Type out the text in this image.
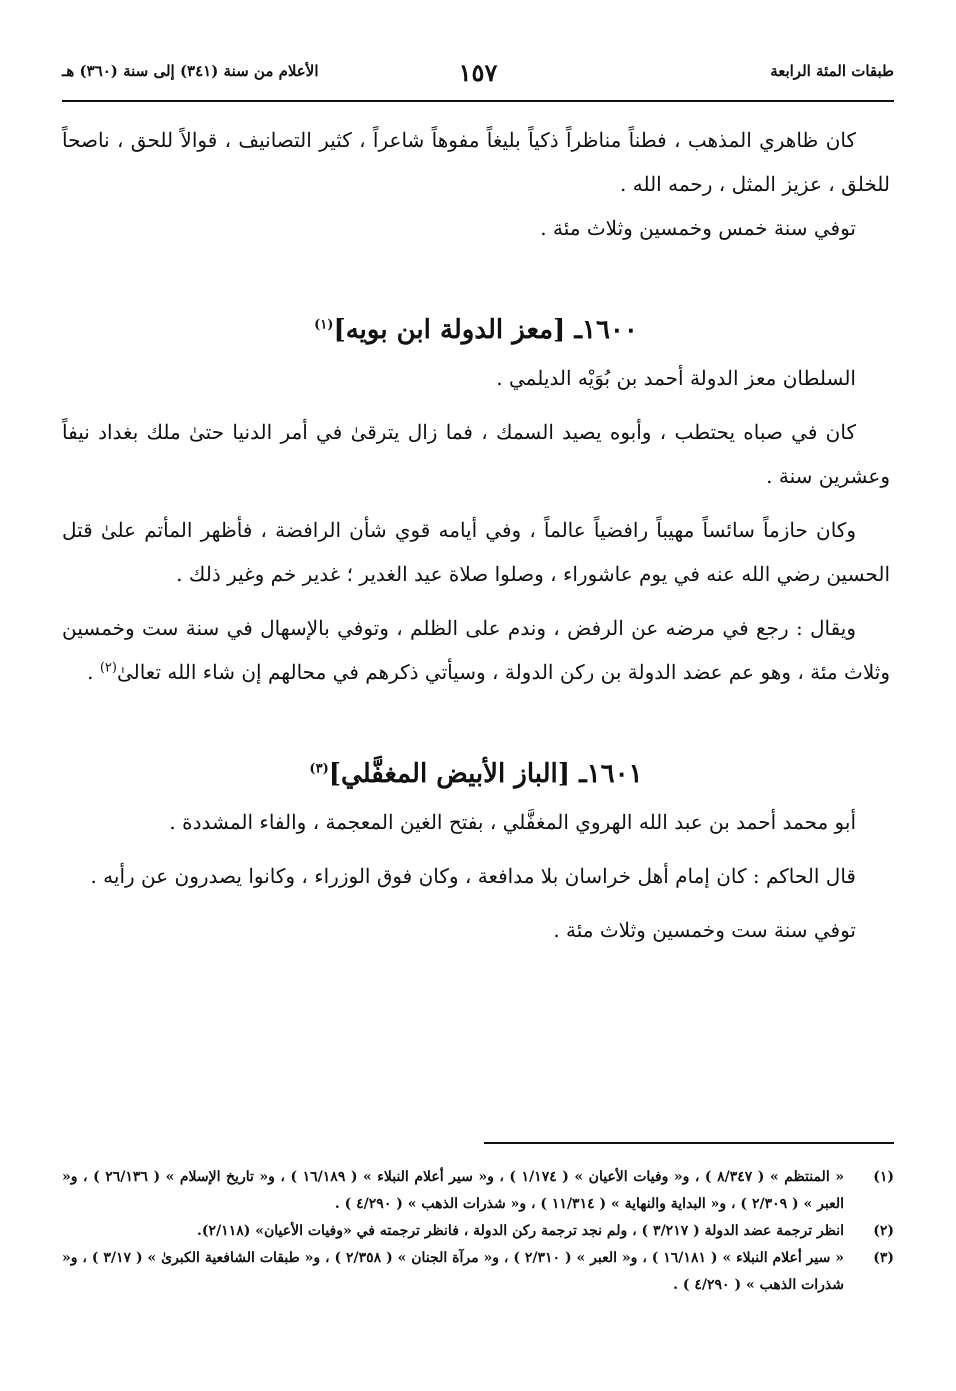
طبقات المئة الرابعة
١٥٧
الأعلام من سنة (٣٤١) إلى سنة (٣٦٠) هـ

كان ظاهري المذهب ، فطناً مناظراً ذكياً بليغاً مفوهاً شاعراً ، كثير التصانيف ، قوالاً للحق ، ناصحاً للخلق ، عزيز المثل ، رحمه الله .

توفي سنة خمس وخمسين وثلاث مئة .

١٦٠٠ـ [معز الدولة ابن بويه]$^{(١)}$

السلطان معز الدولة أحمد بن بُوَيْه الديلمي .

كان في صباه يحتطب ، وأبوه يصيد السمك ، فما زال يترقىٰ في أمر الدنيا حتىٰ ملك بغداد نيفاً وعشرين سنة .

وكان حازماً سائساً مهيباً رافضياً عالماً ، وفي أيامه قوي شأن الرافضة ، فأظهر المأتم علىٰ قتل الحسين رضي الله عنه في يوم عاشوراء ، وصلوا صلاة عيد الغدير ؛ غدير خم وغير ذلك .

ويقال : رجع في مرضه عن الرفض ، وندم على الظلم ، وتوفي بالإسهال في سنة ست وخمسين وثلاث مئة ، وهو عم عضد الدولة بن ركن الدولة ، وسيأتي ذكرهم في محالهم إن شاء الله تعالىٰ$^{(٢)}$ .

١٦٠١ـ [الباز الأبيض المغفَّلي]$^{(٣)}$

أبو محمد أحمد بن عبد الله الهروي المغفَّلي ، بفتح الغين المعجمة ، والفاء المشددة .

قال الحاكم : كان إمام أهل خراسان بلا مدافعة ، وكان فوق الوزراء ، وكانوا يصدرون عن رأيه .

توفي سنة ست وخمسين وثلاث مئة .

(١)
« المنتظم » ( ٨/٣٤٧ ) ، و« وفيات الأعيان » ( ١/١٧٤ ) ، و« سير أعلام النبلاء » ( ١٦/١٨٩ ) ، و« تاريخ الإسلام » ( ٢٦/١٣٦ ) ، و« العبر » ( ٢/٣٠٩ ) ، و« البداية والنهاية » ( ١١/٣١٤ ) ، و« شذرات الذهب » ( ٤/٢٩٠ ) .

(٢)
انظر ترجمة عضد الدولة ( ٣/٢١٧ ) ، ولم نجد ترجمة ركن الدولة ، فانظر ترجمته في «وفيات الأعيان» (٢/١١٨).

(٣)
« سير أعلام النبلاء » ( ١٦/١٨١ ) ، و« العبر » ( ٢/٣١٠ ) ، و« مرآة الجنان » ( ٢/٣٥٨ ) ، و« طبقات الشافعية الكبرىٰ » ( ٣/١٧ ) ، و« شذرات الذهب » ( ٤/٢٩٠ ) .
